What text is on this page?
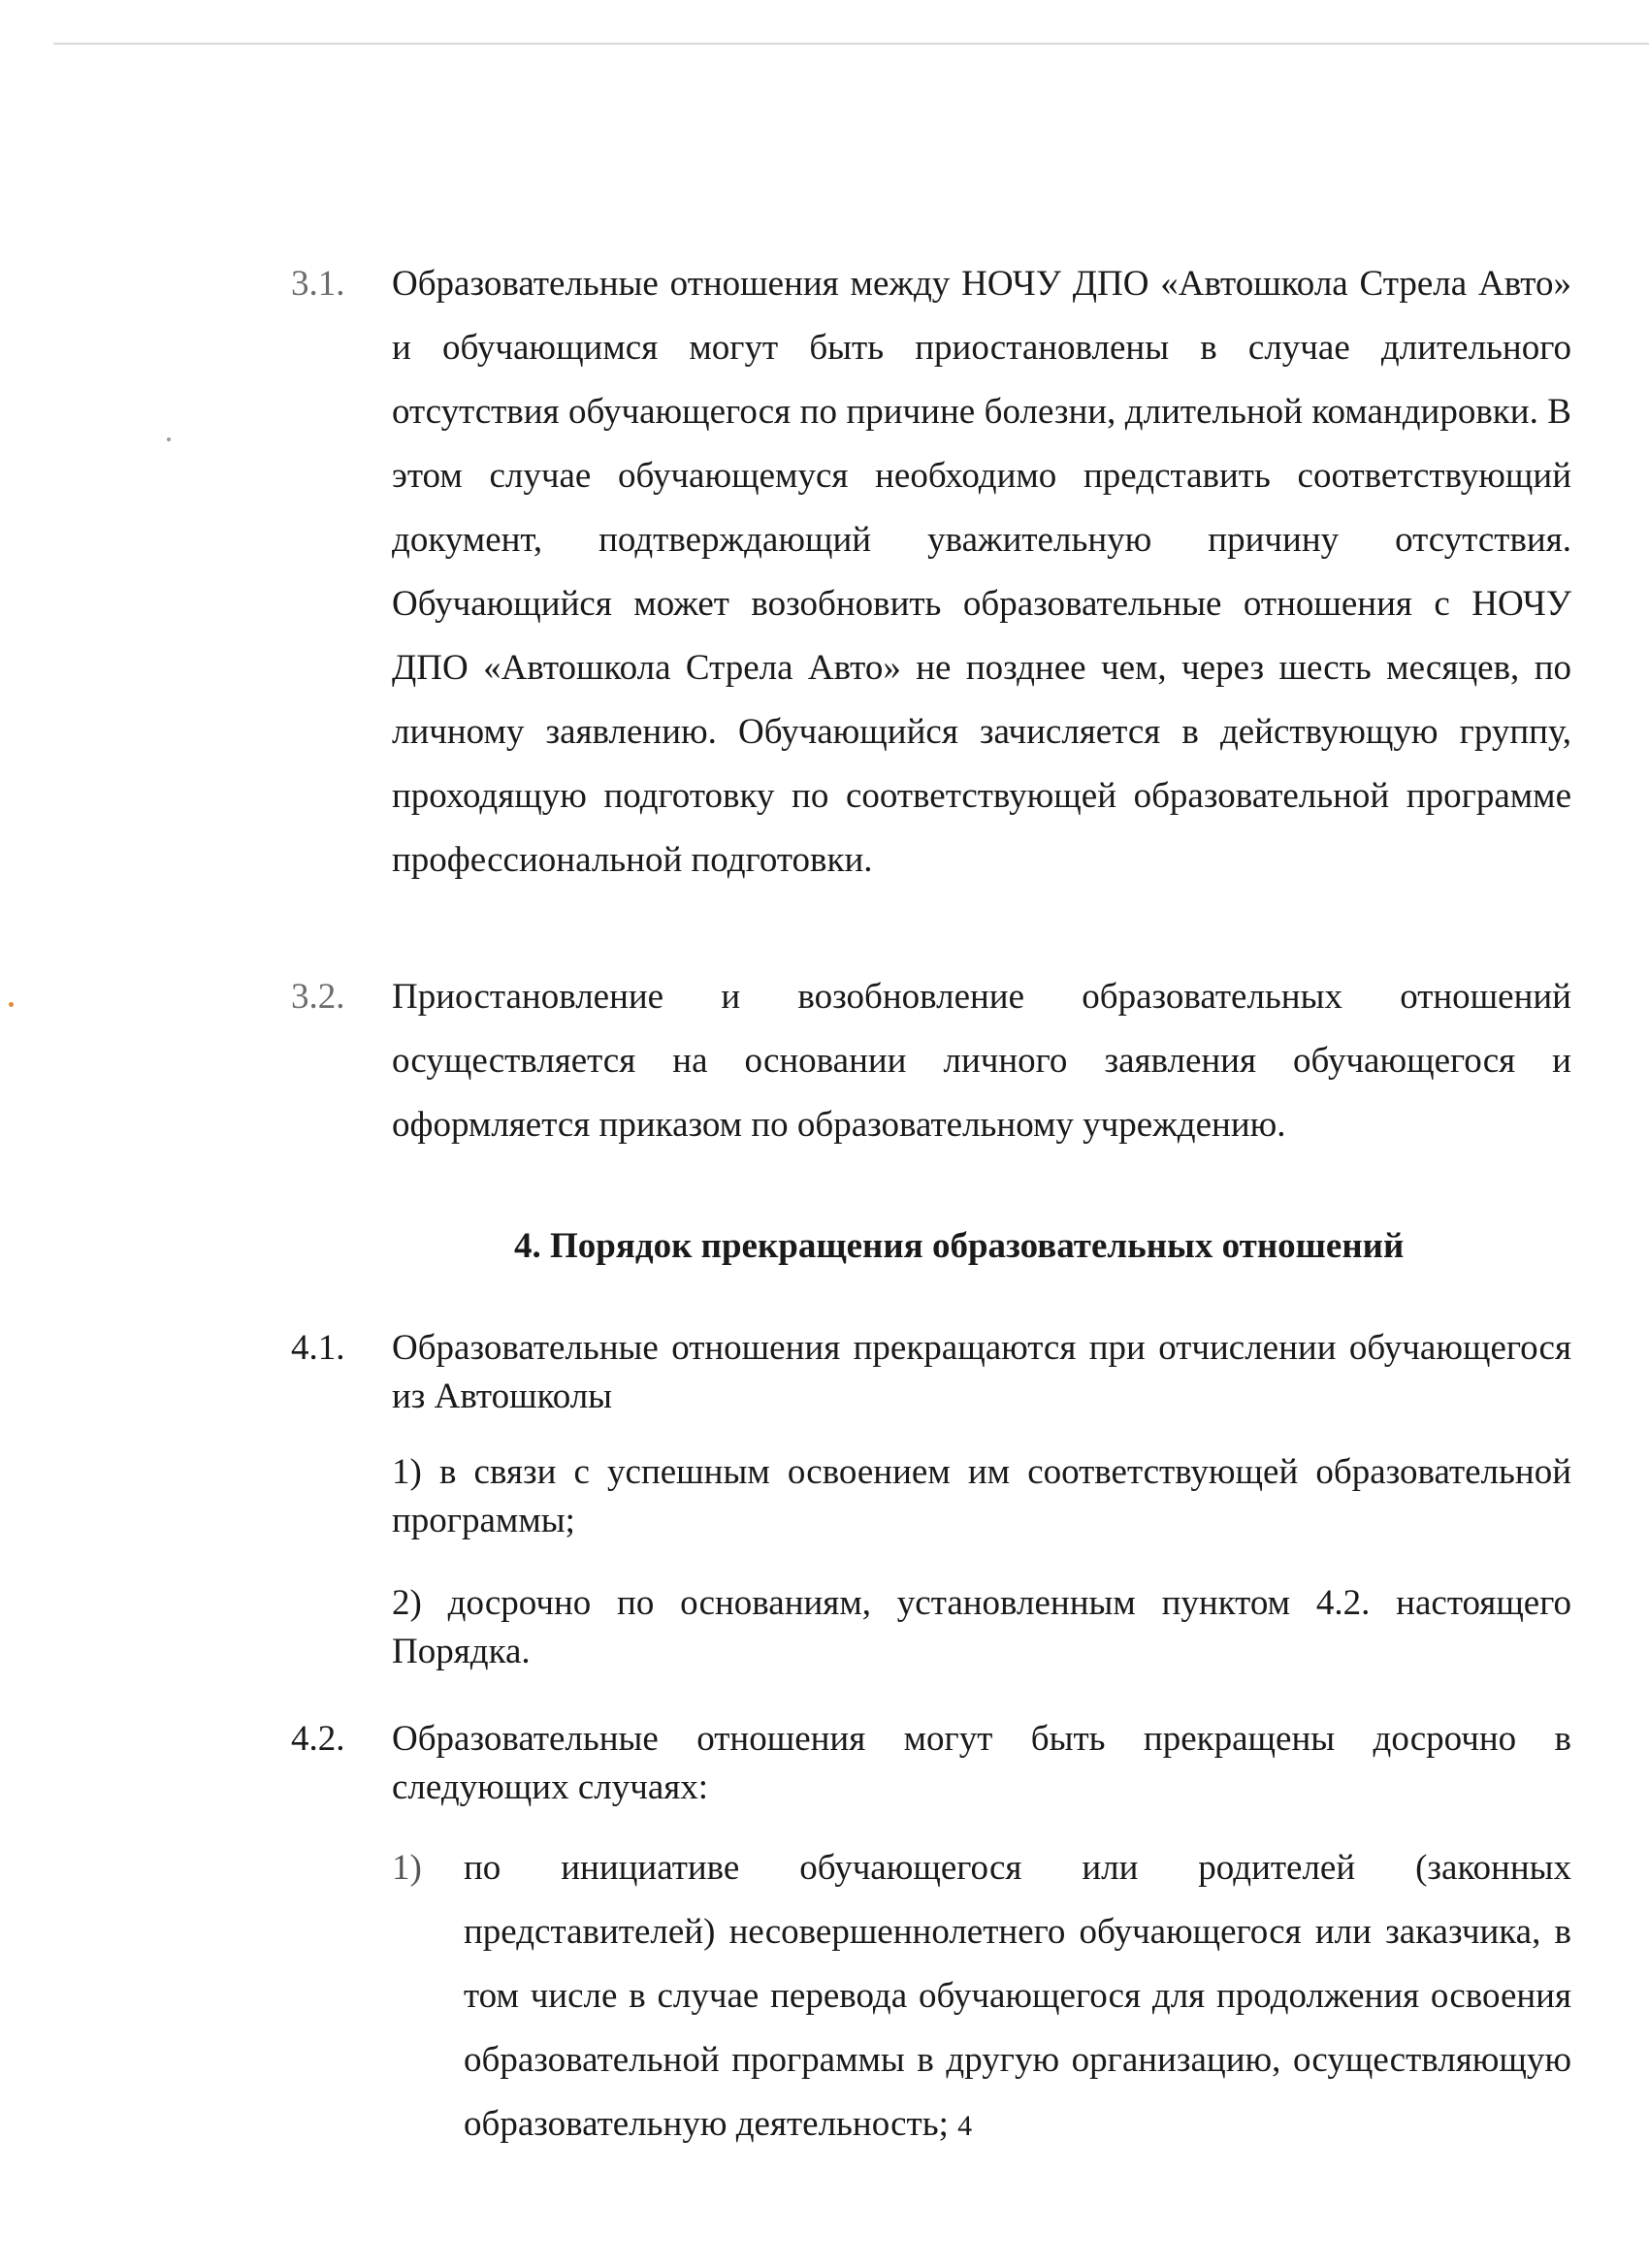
3.1. Образовательные отношения между НОЧУ ДПО «Автошкола Стрела Авто» и обучающимся могут быть приостановлены в случае длительного отсутствия обучающегося по причине болезни, длительной командировки. В этом случае обучающемуся необходимо представить соответствующий документ, подтверждающий уважительную причину отсутствия. Обучающийся может возобновить образовательные отношения с НОЧУ ДПО «Автошкола Стрела Авто» не позднее чем, через шесть месяцев, по личному заявлению. Обучающийся зачисляется в действующую группу, проходящую подготовку по соответствующей образовательной программе профессиональной подготовки.
3.2. Приостановление и возобновление образовательных отношений осуществляется на основании личного заявления обучающегося и оформляется приказом по образовательному учреждению.
4. Порядок прекращения образовательных отношений
4.1. Образовательные отношения прекращаются при отчислении обучающегося из Автошколы
1) в связи с успешным освоением им соответствующей образовательной программы;
2) досрочно по основаниям, установленным пунктом 4.2. настоящего Порядка.
4.2. Образовательные отношения могут быть прекращены досрочно в следующих случаях:
1) по инициативе обучающегося или родителей (законных представителей) несовершеннолетнего обучающегося или заказчика, в том числе в случае перевода обучающегося для продолжения освоения образовательной программы в другую организацию, осуществляющую образовательную деятельность; 4
